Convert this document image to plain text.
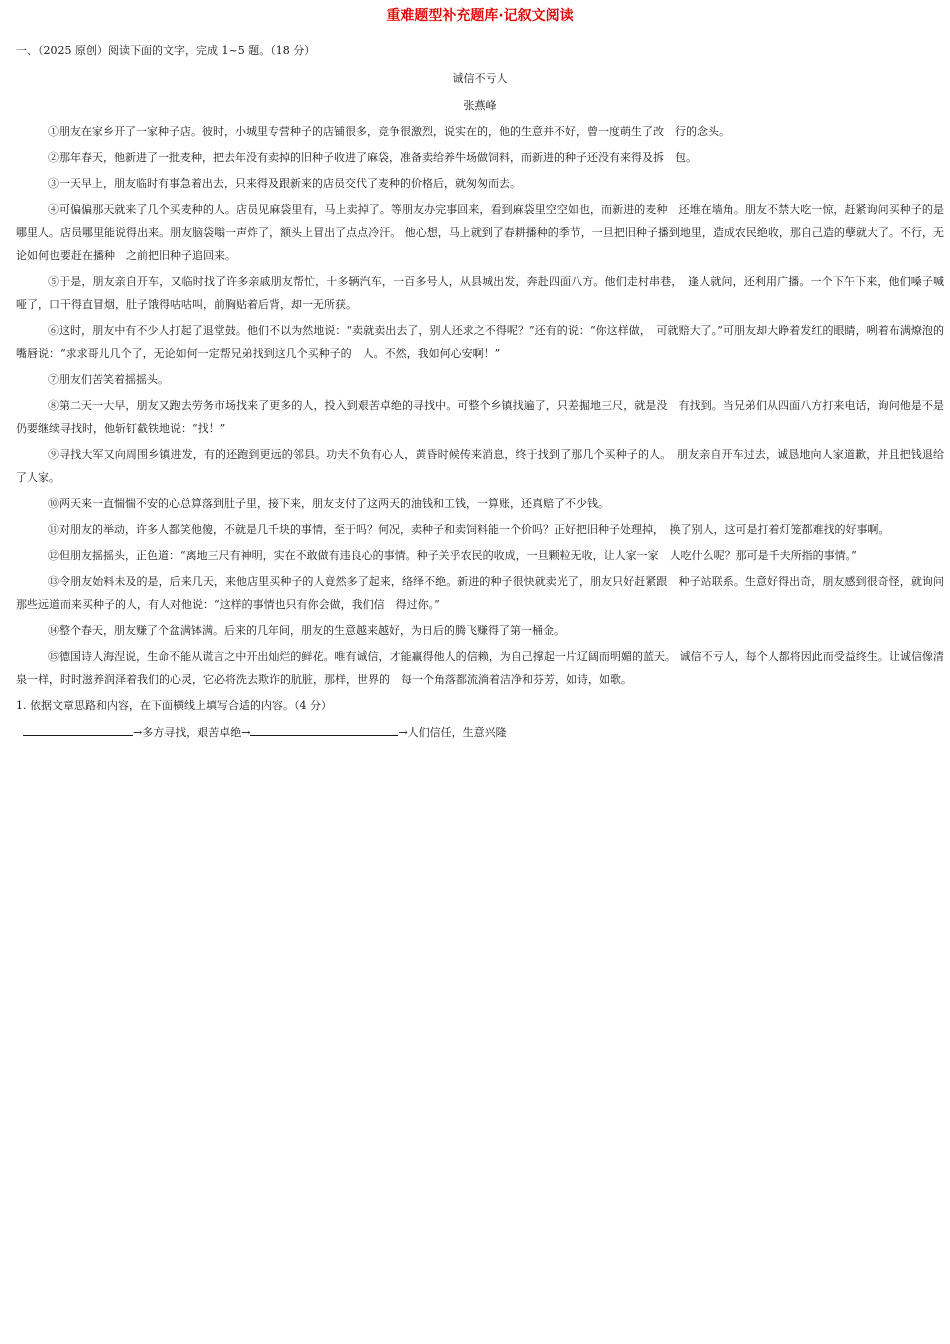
重难题型补充题库·记叙文阅读
一、（2025 原创）阅读下面的文字，完成 1~5 题。（18 分）
诚信不亏人
张燕峰

①朋友在家乡开了一家种子店。彼时，小城里专营种子的店铺很多，竞争很激烈，说实在的，他的生意并不好，曾一度萌生了改　行的念头。

②那年春天，他新进了一批麦种，把去年没有卖掉的旧种子收进了麻袋，准备卖给养牛场做饲料，而新进的种子还没有来得及拆　包。

③一天早上，朋友临时有事急着出去，只来得及跟新来的店员交代了麦种的价格后，就匆匆而去。

④可偏偏那天就来了几个买麦种的人。店员见麻袋里有，马上卖掉了。等朋友办完事回来，看到麻袋里空空如也，而新进的麦种　还堆在墙角。朋友不禁大吃一惊，赶紧询问买种子的是哪里人。店员哪里能说得出来。朋友脑袋嗡一声炸了，额头上冒出了点点冷汗。 他心想，马上就到了春耕播种的季节，一旦把旧种子播到地里，造成农民绝收，那自己造的孽就大了。不行，无论如何也要赶在播种　之前把旧种子追回来。

⑤于是，朋友亲自开车，又临时找了许多亲戚朋友帮忙，十多辆汽车，一百多号人，从县城出发，奔赴四面八方。他们走村串巷，　逢人就问，还利用广播。一个下午下来，他们嗓子喊哑了，口干得直冒烟，肚子饿得咕咕叫，前胸贴着后背，却一无所获。

⑥这时，朋友中有不少人打起了退堂鼓。他们不以为然地说：“卖就卖出去了，别人还求之不得呢？”还有的说：“你这样做，　可就赔大了。”可朋友却大睁着发红的眼睛，咧着布满燎泡的嘴唇说：“求求哥儿几个了，无论如何一定帮兄弟找到这几个买种子的　人。不然，我如何心安啊！”

⑦朋友们苦笑着摇摇头。

⑧第二天一大早，朋友又跑去劳务市场找来了更多的人，投入到艰苦卓绝的寻找中。可整个乡镇找遍了，只差掘地三尺，就是没　有找到。当兄弟们从四面八方打来电话，询问他是不是仍要继续寻找时，他斩钉截铁地说：“找！”

⑨寻找大军又向周围乡镇进发，有的还跑到更远的邻县。功夫不负有心人，黄昏时候传来消息，终于找到了那几个买种子的人。　朋友亲自开车过去，诚恳地向人家道歉，并且把钱退给了人家。

⑩两天来一直惴惴不安的心总算落到肚子里，接下来，朋友支付了这两天的油钱和工钱，一算账，还真赔了不少钱。

⑪对朋友的举动，许多人都笑他傻，不就是几千块的事情，至于吗？何况，卖种子和卖饲料能一个价吗？正好把旧种子处理掉，　换了别人，这可是打着灯笼都难找的好事啊。

⑫但朋友摇摇头，正色道：“离地三尺有神明，实在不敢做有违良心的事情。种子关乎农民的收成，一旦颗粒无收，让人家一家　人吃什么呢？那可是千夫所指的事情。”

⑬令朋友始料未及的是，后来几天，来他店里买种子的人竟然多了起来，络绎不绝。新进的种子很快就卖光了，朋友只好赶紧跟　种子站联系。生意好得出奇，朋友感到很奇怪，就询问那些远道而来买种子的人，有人对他说：“这样的事情也只有你会做，我们信　得过你。”

⑭整个春天，朋友赚了个盆满钵满。后来的几年间，朋友的生意越来越好，为日后的腾飞赚得了第一桶金。

⑮德国诗人海涅说，生命不能从谎言之中开出灿烂的鲜花。唯有诚信，才能赢得他人的信赖，为自己撑起一片辽阔而明媚的蓝天。 诚信不亏人，每个人都将因此而受益终生。让诚信像清泉一样，时时滋养润泽着我们的心灵，它必将洗去欺诈的肮脏，那样，世界的　每一个角落都流淌着洁净和芬芳，如诗，如歌。

1. 依据文章思路和内容，在下面横线上填写合适的内容。（4 分）
→多方寻找，艰苦卓绝→	→人们信任，生意兴隆
